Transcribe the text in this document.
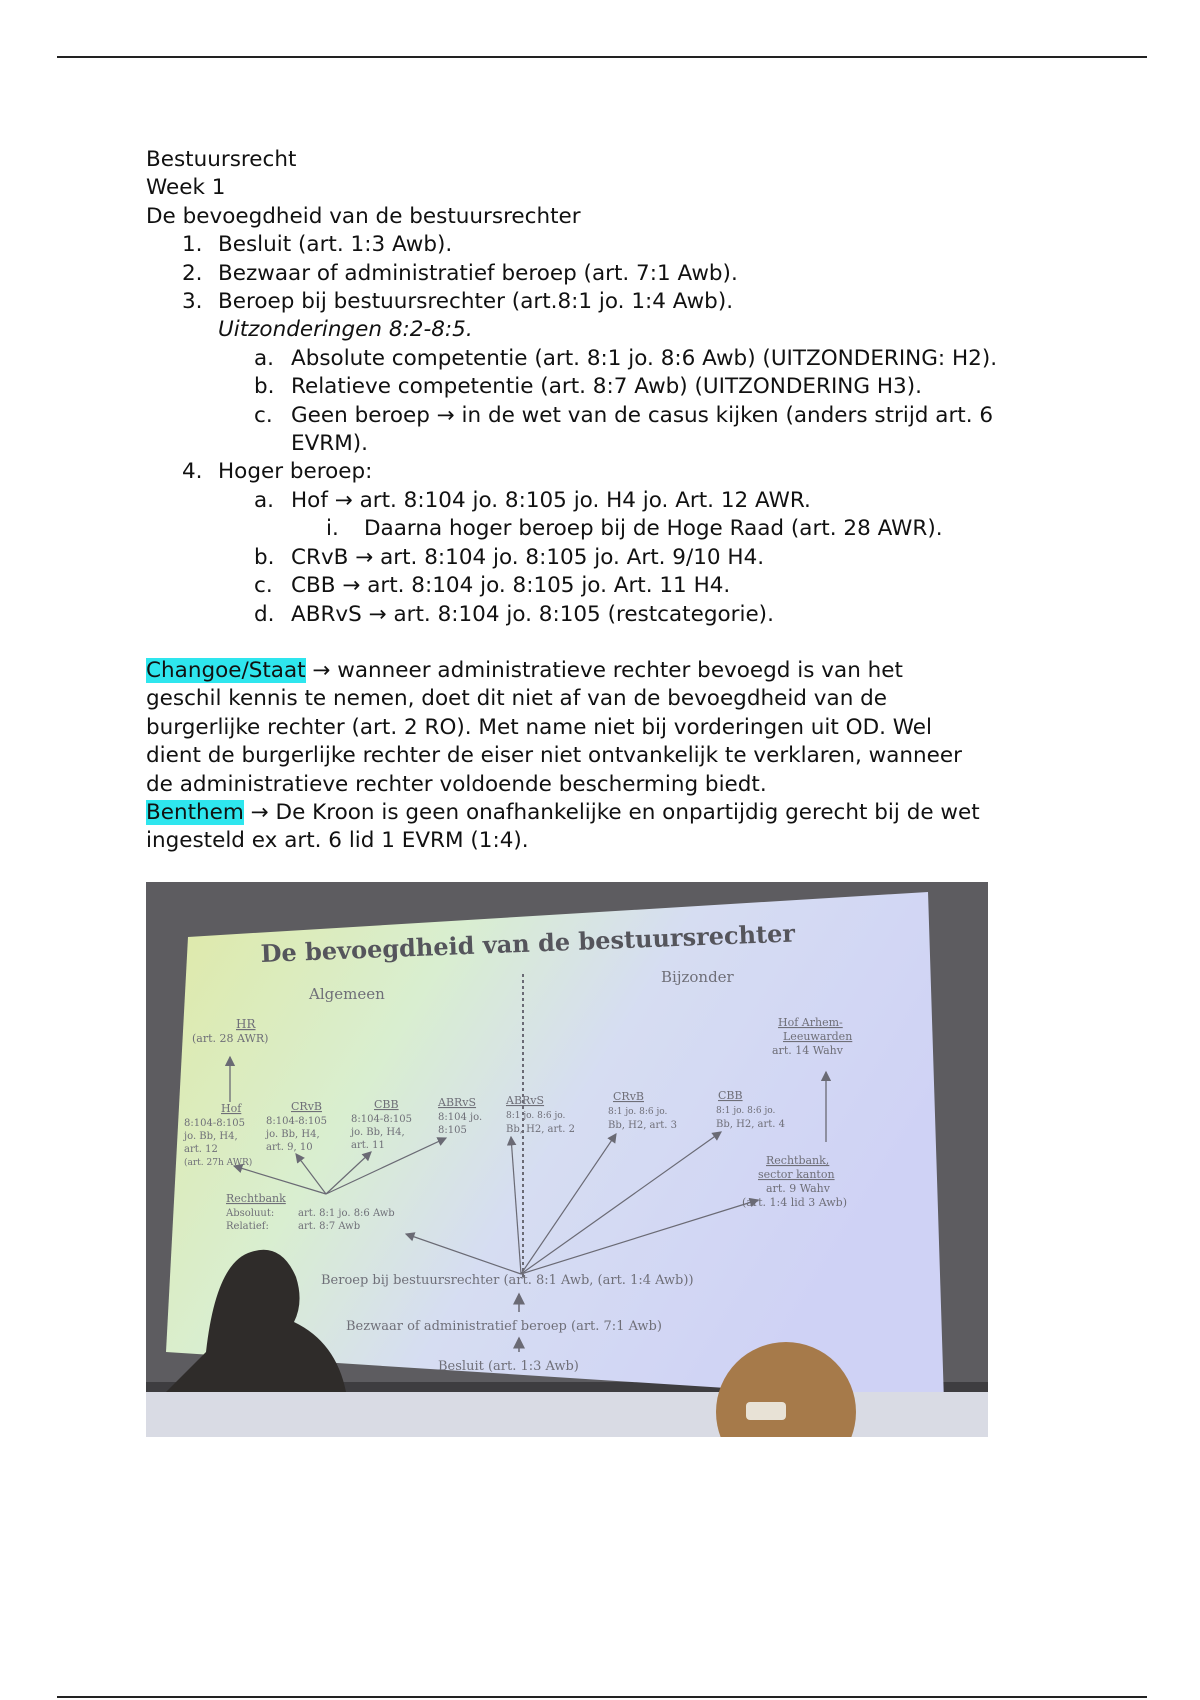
Bestuursrecht
Week 1
De bevoegdheid van de bestuursrechter
1. Besluit (art. 1:3 Awb).
2. Bezwaar of administratief beroep (art. 7:1 Awb).
3. Beroep bij bestuursrechter (art.8:1 jo. 1:4 Awb).
Uitzonderingen 8:2-8:5.
a. Absolute competentie (art. 8:1 jo. 8:6 Awb) (UITZONDERING: H2).
b. Relatieve competentie (art. 8:7 Awb) (UITZONDERING H3).
c. Geen beroep → in de wet van de casus kijken (anders strijd art. 6
EVRM).
4. Hoger beroep:
a. Hof → art. 8:104 jo. 8:105 jo. H4 jo. Art. 12 AWR.
i. Daarna hoger beroep bij de Hoge Raad (art. 28 AWR).
b. CRvB → art. 8:104 jo. 8:105 jo. Art. 9/10 H4.
c. CBB → art. 8:104 jo. 8:105 jo. Art. 11 H4.
d. ABRvS → art. 8:104 jo. 8:105 (restcategorie).
Changoe/Staat → wanneer administratieve rechter bevoegd is van het
geschil kennis te nemen, doet dit niet af van de bevoegdheid van de
burgerlijke rechter (art. 2 RO). Met name niet bij vorderingen uit OD. Wel
dient de burgerlijke rechter de eiser niet ontvankelijk te verklaren, wanneer
de administratieve rechter voldoende bescherming biedt.
Benthem → De Kroon is geen onafhankelijke en onpartijdig gerecht bij de wet
ingesteld ex art. 6 lid 1 EVRM (1:4).
De bevoegdheid van de bestuursrechter
Algemeen
Bijzonder
HR
(art. 28 AWR)
Hof
8:104-8:105
jo. Bb, H4,
art. 12
(art. 27h AWR)
CRvB
8:104-8:105
jo. Bb, H4,
art. 9, 10
CBB
8:104-8:105
jo. Bb, H4,
art. 11
ABRvS
8:104 jo.
8:105
ABRvS
8:1 jo. 8:6 jo.
Bb, H2, art. 2
CRvB
8:1 jo. 8:6 jo.
Bb, H2, art. 3
CBB
8:1 jo. 8:6 jo.
Bb, H2, art. 4
Hof Arhem-
Leeuwarden
art. 14 Wahv
Rechtbank,
sector kanton
art. 9 Wahv
(art. 1:4 lid 3 Awb)
Rechtbank
Absoluut:
Relatief:
art. 8:1 jo. 8:6 Awb
art. 8:7 Awb
Beroep bij bestuursrechter (art. 8:1 Awb, (art. 1:4 Awb))
Bezwaar of administratief beroep (art. 7:1 Awb)
Besluit (art. 1:3 Awb)
